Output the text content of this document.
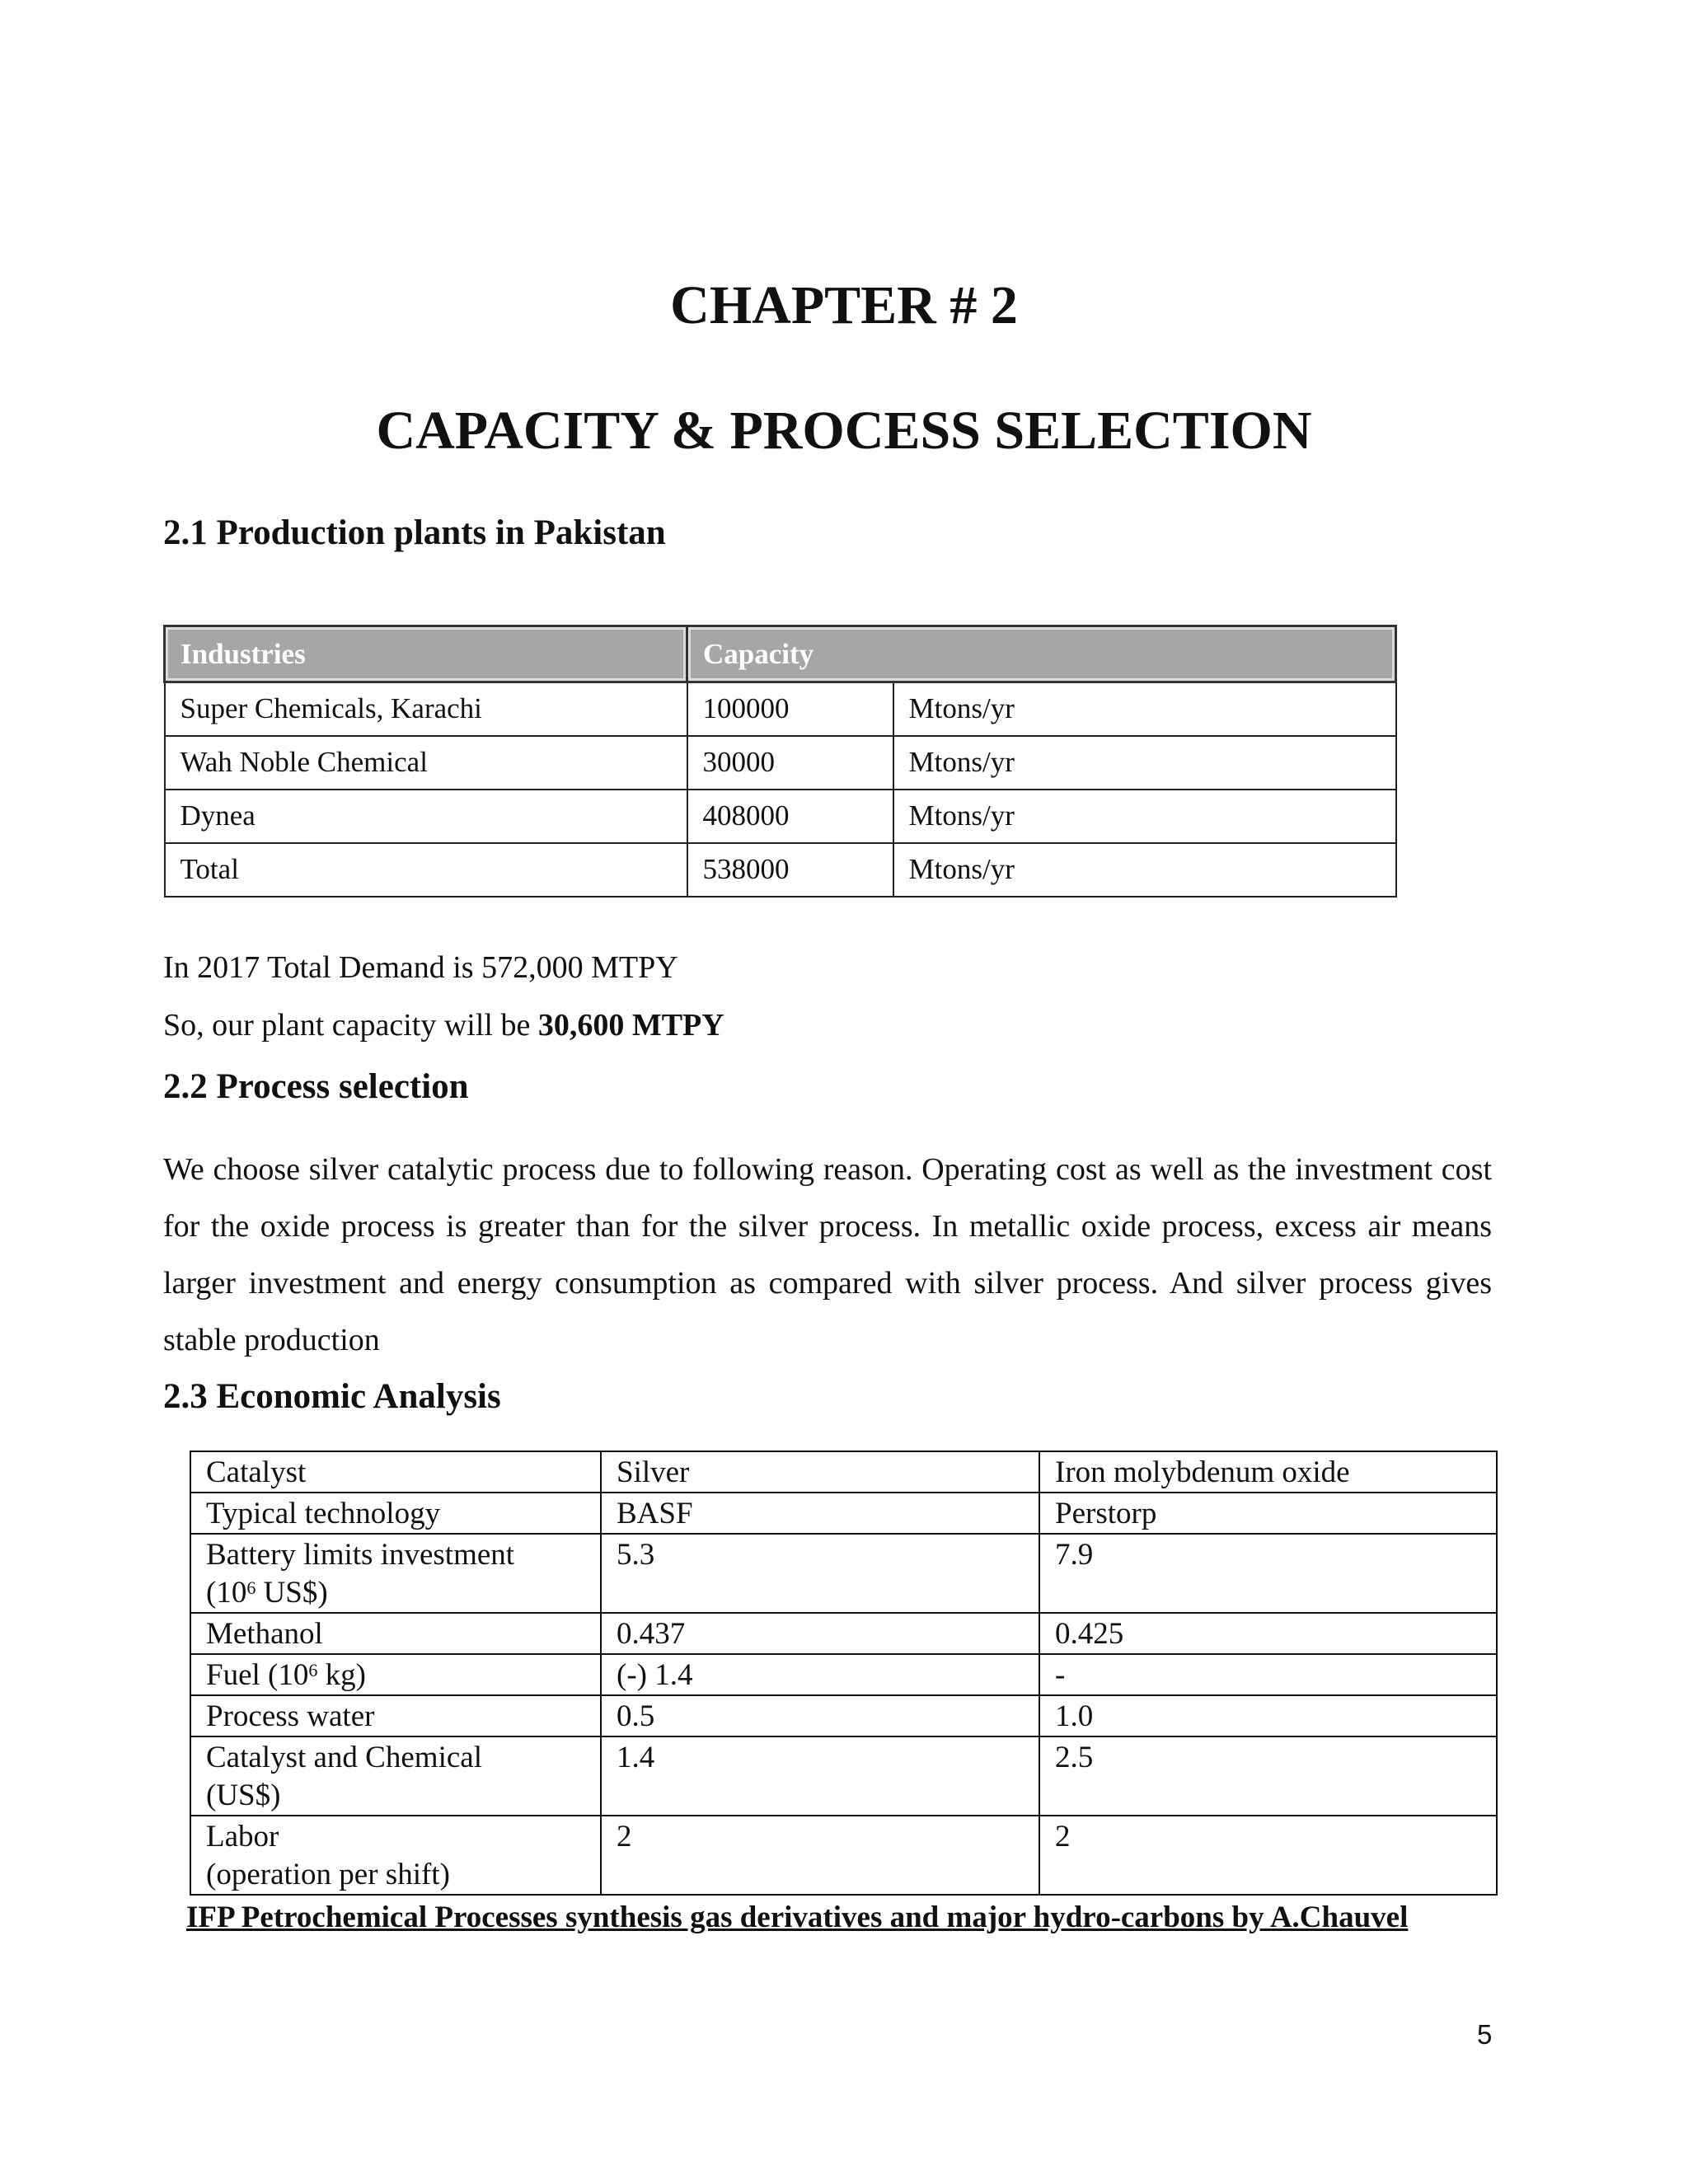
CHAPTER # 2
CAPACITY & PROCESS SELECTION
2.1 Production plants in Pakistan
Industries	Capacity	
Super Chemicals, Karachi	100000	Mtons/yr
Wah Noble Chemical	30000	Mtons/yr
Dynea	408000	Mtons/yr
Total	538000	Mtons/yr
In 2017 Total Demand is 572,000 MTPY
So, our plant capacity will be 30,600 MTPY
2.2 Process selection
We choose silver catalytic process due to following reason. Operating cost as well as the investment cost for the oxide process is greater than for the silver process. In metallic oxide process, excess air means larger investment and energy consumption as compared with silver process. And silver process gives stable production
2.3 Economic Analysis
Catalyst	Silver	Iron molybdenum oxide
Typical technology	BASF	Perstorp
Battery limits investment
($10^6$ US$)	5.3	7.9
Methanol	0.437	0.425
Fuel ($10^6$ kg)	(-) 1.4	-
Process water	0.5	1.0
Catalyst and Chemical
(US$)	1.4	2.5
Labor
(operation per shift)	2	2
IFP Petrochemical Processes synthesis gas derivatives and major hydro-carbons by A.Chauvel
5
